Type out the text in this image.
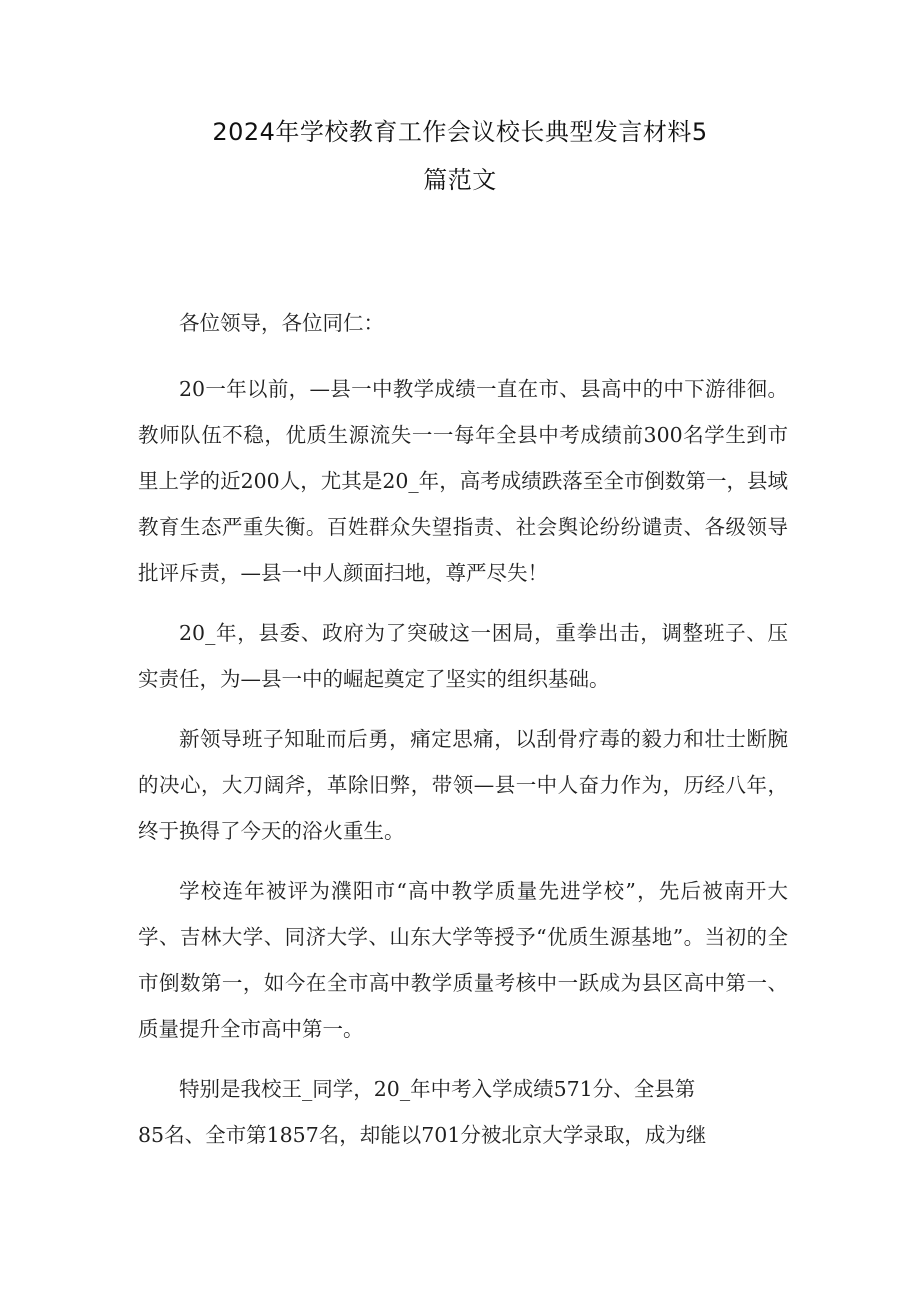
2024年学校教育工作会议校长典型发言材料5
篇范文

各位领导，各位同仁：

20一年以前，—县一中教学成绩一直在市、县高中的中下游徘徊。教师队伍不稳，优质生源流失一一每年全县中考成绩前300名学生到市里上学的近200人，尤其是20_年，高考成绩跌落至全市倒数第一，县域教育生态严重失衡。百姓群众失望指责、社会舆论纷纷谴责、各级领导批评斥责，—县一中人颜面扫地，尊严尽失！

20_年，县委、政府为了突破这一困局，重拳出击，调整班子、压实责任，为—县一中的崛起奠定了坚实的组织基础。

新领导班子知耻而后勇，痛定思痛，以刮骨疗毒的毅力和壮士断腕的决心，大刀阔斧，革除旧弊，带领—县一中人奋力作为，历经八年，终于换得了今天的浴火重生。

学校连年被评为濮阳市“高中教学质量先进学校”，先后被南开大学、吉林大学、同济大学、山东大学等授予“优质生源基地”。当初的全市倒数第一，如今在全市高中教学质量考核中一跃成为县区高中第一、质量提升全市高中第一。

特别是我校王_同学，20_年中考入学成绩571分、全县第
85名、全市第1857名，却能以701分被北京大学录取，成为继
